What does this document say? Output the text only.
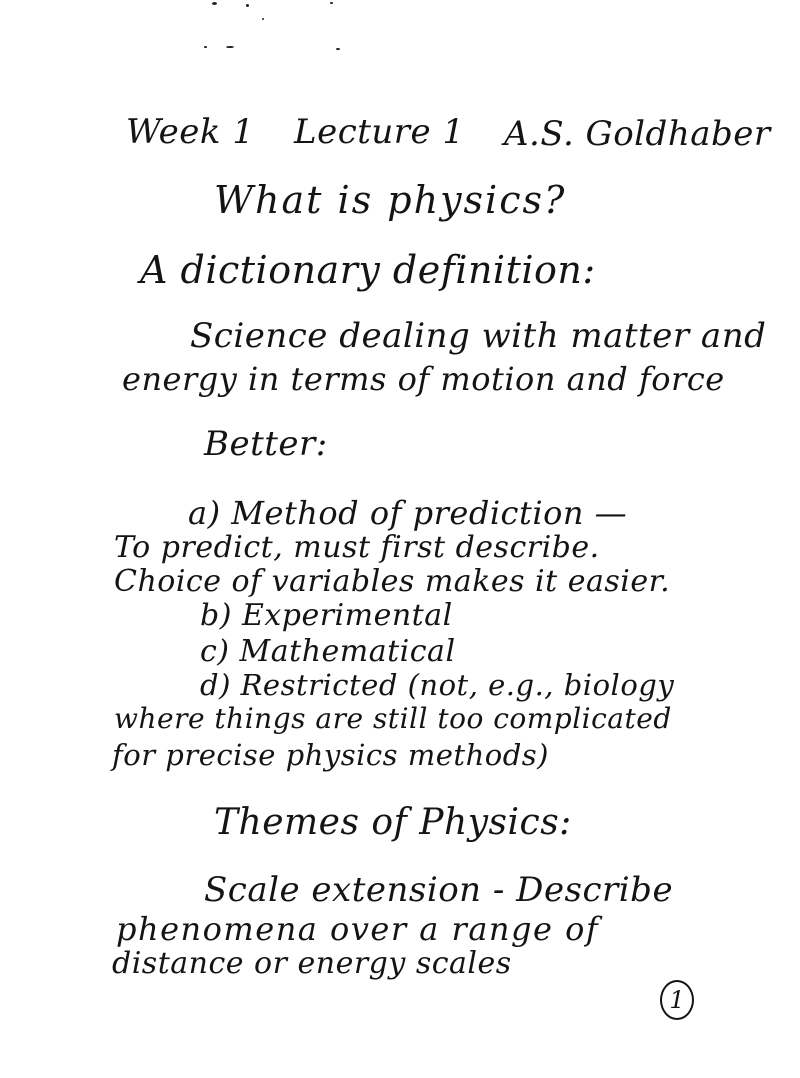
Week 1 Lecture 1 A.S. Goldhaber
What is physics?
A dictionary definition:
Science dealing with matter and
energy in terms of motion and force
Better:
a) Method of prediction —
To predict, must first describe.
Choice of variables makes it easier.
b) Experimental
c) Mathematical
d) Restricted (not, e.g., biology
where things are still too complicated
for precise physics methods)
Themes of Physics:
Scale extension - Describe
phenomena over a range of
distance or energy scales
1
